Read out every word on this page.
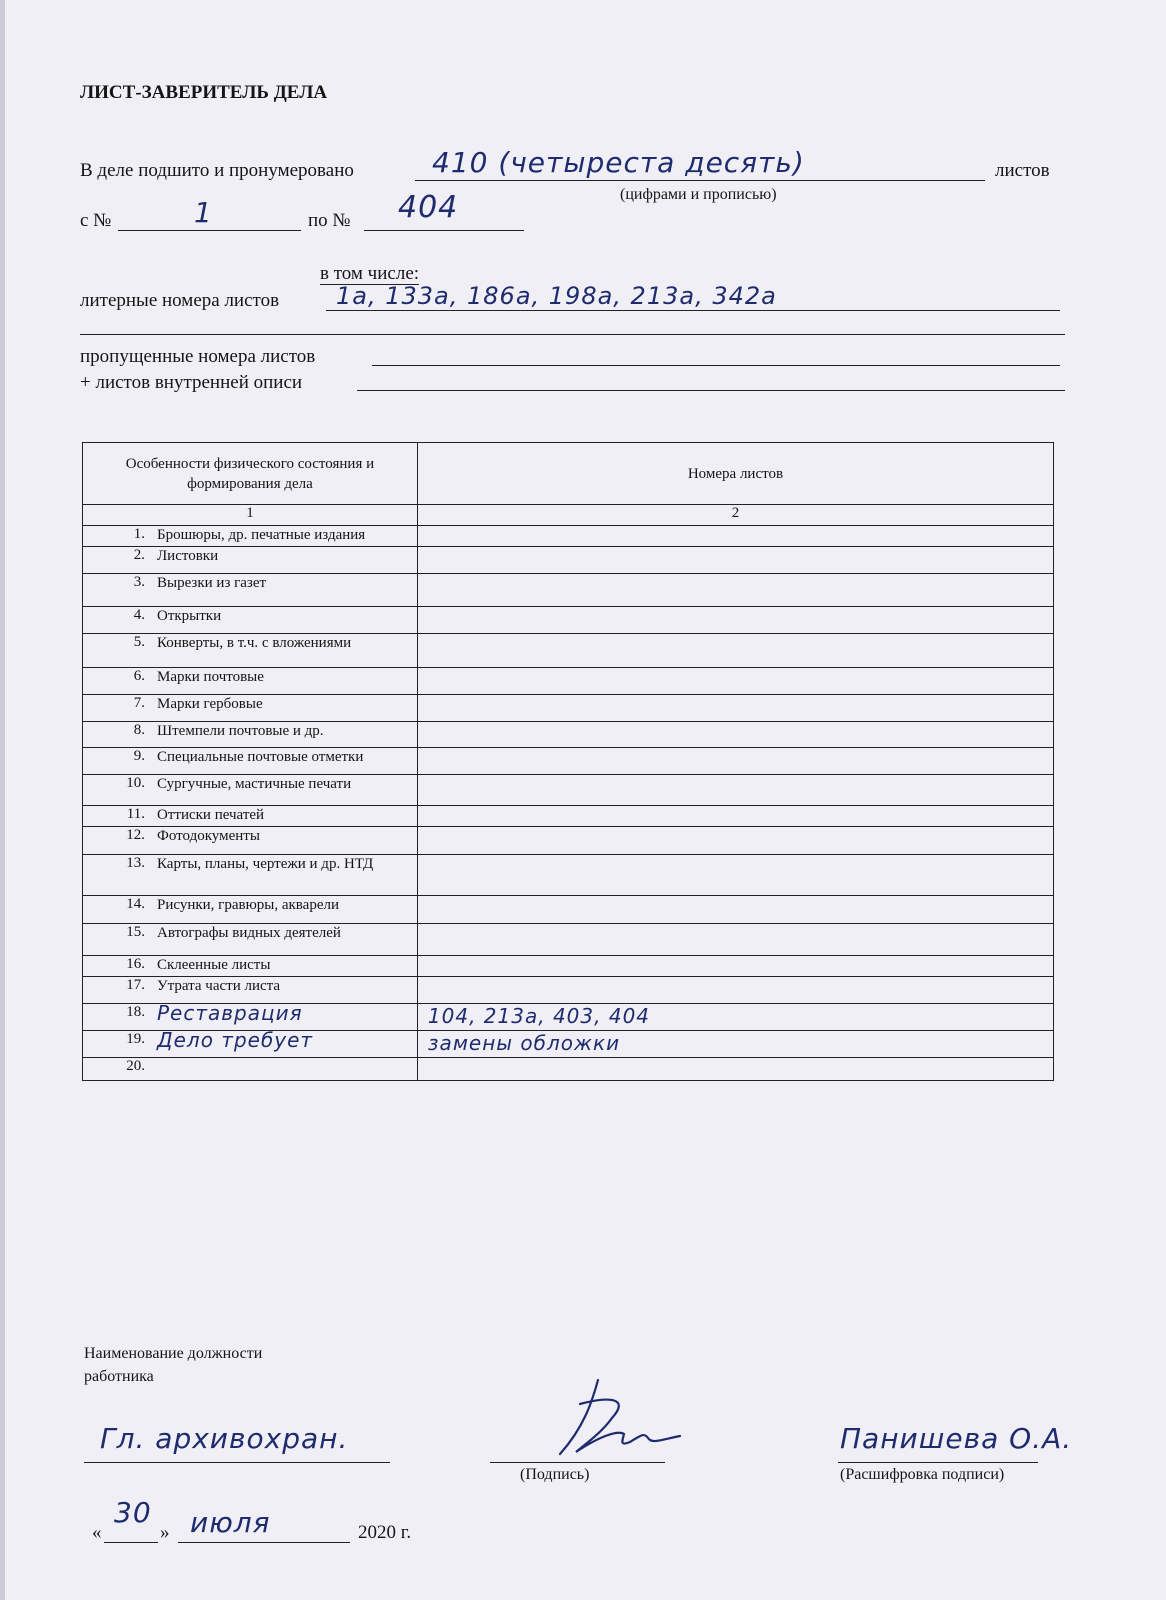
ЛИСТ-ЗАВЕРИТЕЛЬ ДЕЛА
В деле подшито и пронумеровано	410 (четыреста десять)	листов
(цифрами и прописью)
с №	1	по № 404
в том числе:
литерные номера листов 1а, 133а, 186а, 198а, 213а, 342а
пропущенные номера листов
+ листов внутренней описи
Особенности физического состояния и формирования дела	Номера листов
1	2
1. Брошюры, др. печатные издания	
2. Листовки	
3. Вырезки из газет	
4. Открытки	
5. Конверты, в т.ч. с вложениями	
6. Марки почтовые	
7. Марки гербовые	
8. Штемпели почтовые и др.	
9. Специальные почтовые отметки	
10. Сургучные, мастичные печати	
11. Оттиски печатей	
12. Фотодокументы	
13. Карты, планы, чертежи и др. НТД	
14. Рисунки, гравюры, акварели	
15. Автографы видных деятелей	
16. Склеенные листы	
17. Утрата части листа	
18. Реставрация	104, 213а, 403, 404
19. Дело требует	замены обложки
20.	
Наименование должности работника
Гл. архивохран.
(Подпись)	(Расшифровка подписи)
Панишева О.А.
«
30
» июля	2020 г.
